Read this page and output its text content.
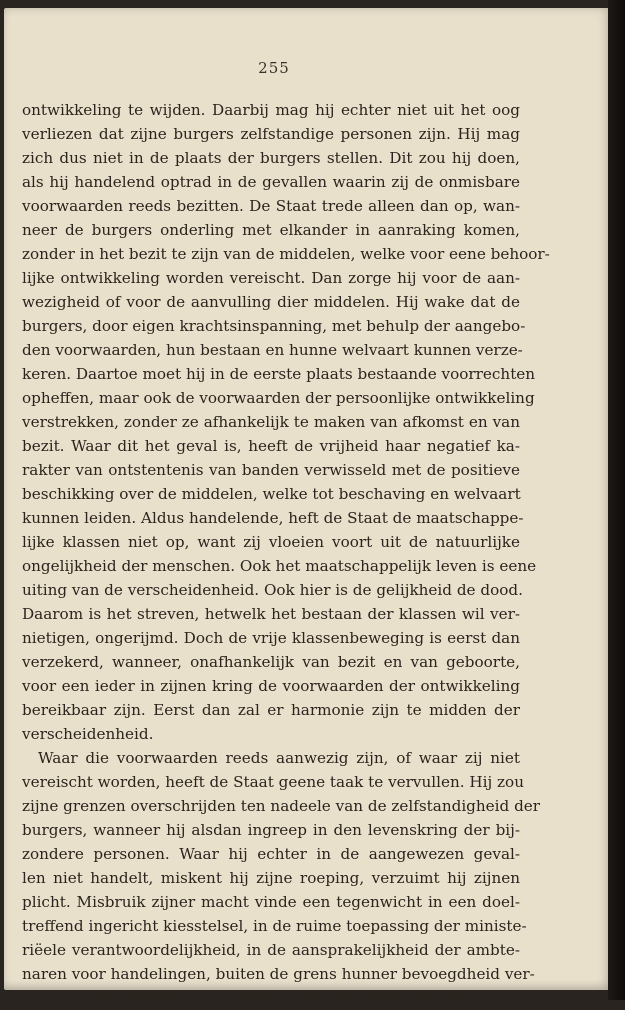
255
ontwikkeling te wijden. Daarbij mag hij echter niet uit het oog
verliezen dat zijne burgers zelfstandige personen zijn. Hij mag
zich dus niet in de plaats der burgers stellen. Dit zou hij doen,
als hij handelend optrad in de gevallen waarin zij de onmisbare
voorwaarden reeds bezitten. De Staat trede alleen dan op, wan-
neer de burgers onderling met elkander in aanraking komen,
zonder in het bezit te zijn van de middelen, welke voor eene behoor-
lijke ontwikkeling worden vereischt. Dan zorge hij voor de aan-
wezigheid of voor de aanvulling dier middelen. Hij wake dat de
burgers, door eigen krachtsinspanning, met behulp der aangebo-
den voorwaarden, hun bestaan en hunne welvaart kunnen verze-
keren. Daartoe moet hij in de eerste plaats bestaande voorrechten
opheffen, maar ook de voorwaarden der persoonlijke ontwikkeling
verstrekken, zonder ze afhankelijk te maken van afkomst en van
bezit. Waar dit het geval is, heeft de vrijheid haar negatief ka-
rakter van ontstentenis van banden verwisseld met de positieve
beschikking over de middelen, welke tot beschaving en welvaart
kunnen leiden. Aldus handelende, heft de Staat de maatschappe-
lijke klassen niet op, want zij vloeien voort uit de natuurlijke
ongelijkheid der menschen. Ook het maatschappelijk leven is eene
uiting van de verscheidenheid. Ook hier is de gelijkheid de dood.
Daarom is het streven, hetwelk het bestaan der klassen wil ver-
nietigen, ongerijmd. Doch de vrije klassenbeweging is eerst dan
verzekerd, wanneer, onafhankelijk van bezit en van geboorte,
voor een ieder in zijnen kring de voorwaarden der ontwikkeling
bereikbaar zijn. Eerst dan zal er harmonie zijn te midden der
verscheidenheid.
Waar die voorwaarden reeds aanwezig zijn, of waar zij niet
vereischt worden, heeft de Staat geene taak te vervullen. Hij zou
zijne grenzen overschrijden ten nadeele van de zelfstandigheid der
burgers, wanneer hij alsdan ingreep in den levenskring der bij-
zondere personen. Waar hij echter in de aangewezen geval-
len niet handelt, miskent hij zijne roeping, verzuimt hij zijnen
plicht. Misbruik zijner macht vinde een tegenwicht in een doel-
treffend ingericht kiesstelsel, in de ruime toepassing der ministe-
riëele verantwoordelijkheid, in de aansprakelijkheid der ambte-
naren voor handelingen, buiten de grens hunner bevoegdheid ver-
richt, in het zelfbestuur van gewest en gemeente. Dit eigen-
